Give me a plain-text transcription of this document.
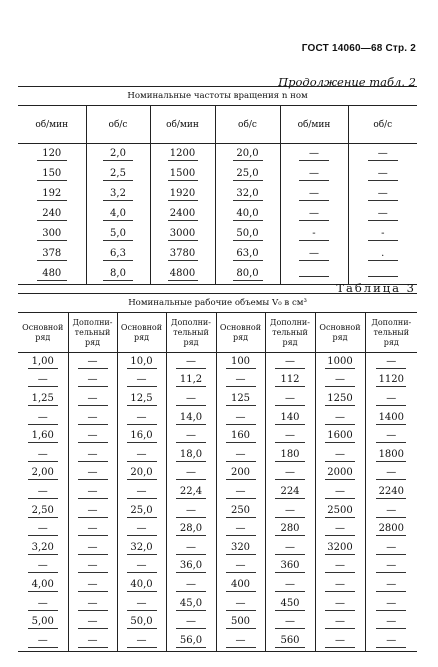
ГОСТ 14060—68 Стр. 2
Продолжение табл. 2
Номинальные частоты вращения n ном					
об/мин	об/с	об/мин	об/с	об/мин	об/с
120	2,0	1200	20,0	—	—
150	2,5	1500	25,0	—	—
192	3,2	1920	32,0	—	—
240	4,0	2400	40,0	—	—
300	5,0	3000	50,0	-	-
378	6,3	3780	63,0	—	.
480	8,0	4800	80,0		
Таблица 3
Номинальные рабочие объемы V₀ в см³							
Основной ряд	Дополни-тельный ряд	Основной ряд	Дополни-тельный ряд	Основной ряд	Дополни-тельный ряд	Основной ряд	Дополни-тельный ряд
1,00	—	10,0	—	100	—	1000	—
—	—	—	11,2	—	112	—	1120
1,25	—	12,5	—	125	—	1250	—
—	—	—	14,0	—	140	—	1400
1,60	—	16,0	—	160	—	1600	—
—	—	—	18,0	—	180	—	1800
2,00	—	20,0	—	200	—	2000	—
—	—	—	22,4	—	224	—	2240
2,50	—	25,0	—	250	—	2500	—
—	—	—	28,0	—	280	—	2800
3,20	—	32,0	—	320	—	3200	—
—	—	—	36,0	—	360	—	—
4,00	—	40,0	—	400	—	—	—
—	—	—	45,0	—	450	—	—
5,00	—	50,0	—	500	—	—	—
—	—	—	56,0	—	560	—	—
